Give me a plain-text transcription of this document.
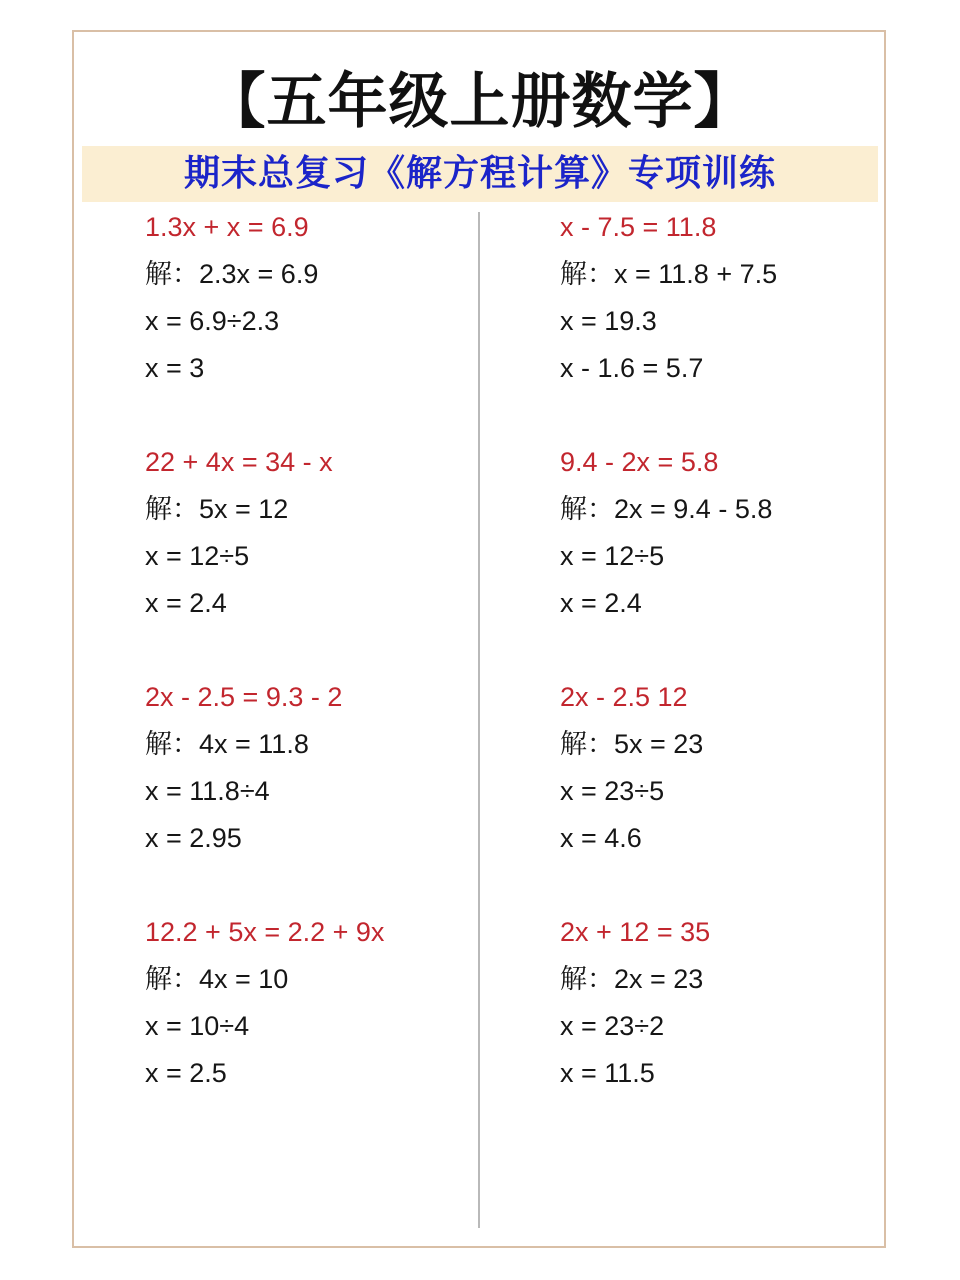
【五年级上册数学】
期末总复习《解方程计算》专项训练
1.3x + x = 6.9
解：2.3x = 6.9
x = 6.9÷2.3
x = 3
22 + 4x = 34 - x
解：5x = 12
x = 12÷5
x = 2.4
2x - 2.5 = 9.3 - 2
解：4x = 11.8
x = 11.8÷4
x = 2.95
12.2 + 5x = 2.2 + 9x
解：4x = 10
x = 10÷4
x = 2.5
x - 7.5 = 11.8
解：x = 11.8 + 7.5
x = 19.3
x - 1.6 = 5.7
9.4 - 2x = 5.8
解：2x = 9.4 - 5.8
x = 12÷5
x = 2.4
2x - 2.5 12
解：5x = 23
x = 23÷5
x = 4.6
2x + 12 = 35
解：2x = 23
x = 23÷2
x = 11.5
